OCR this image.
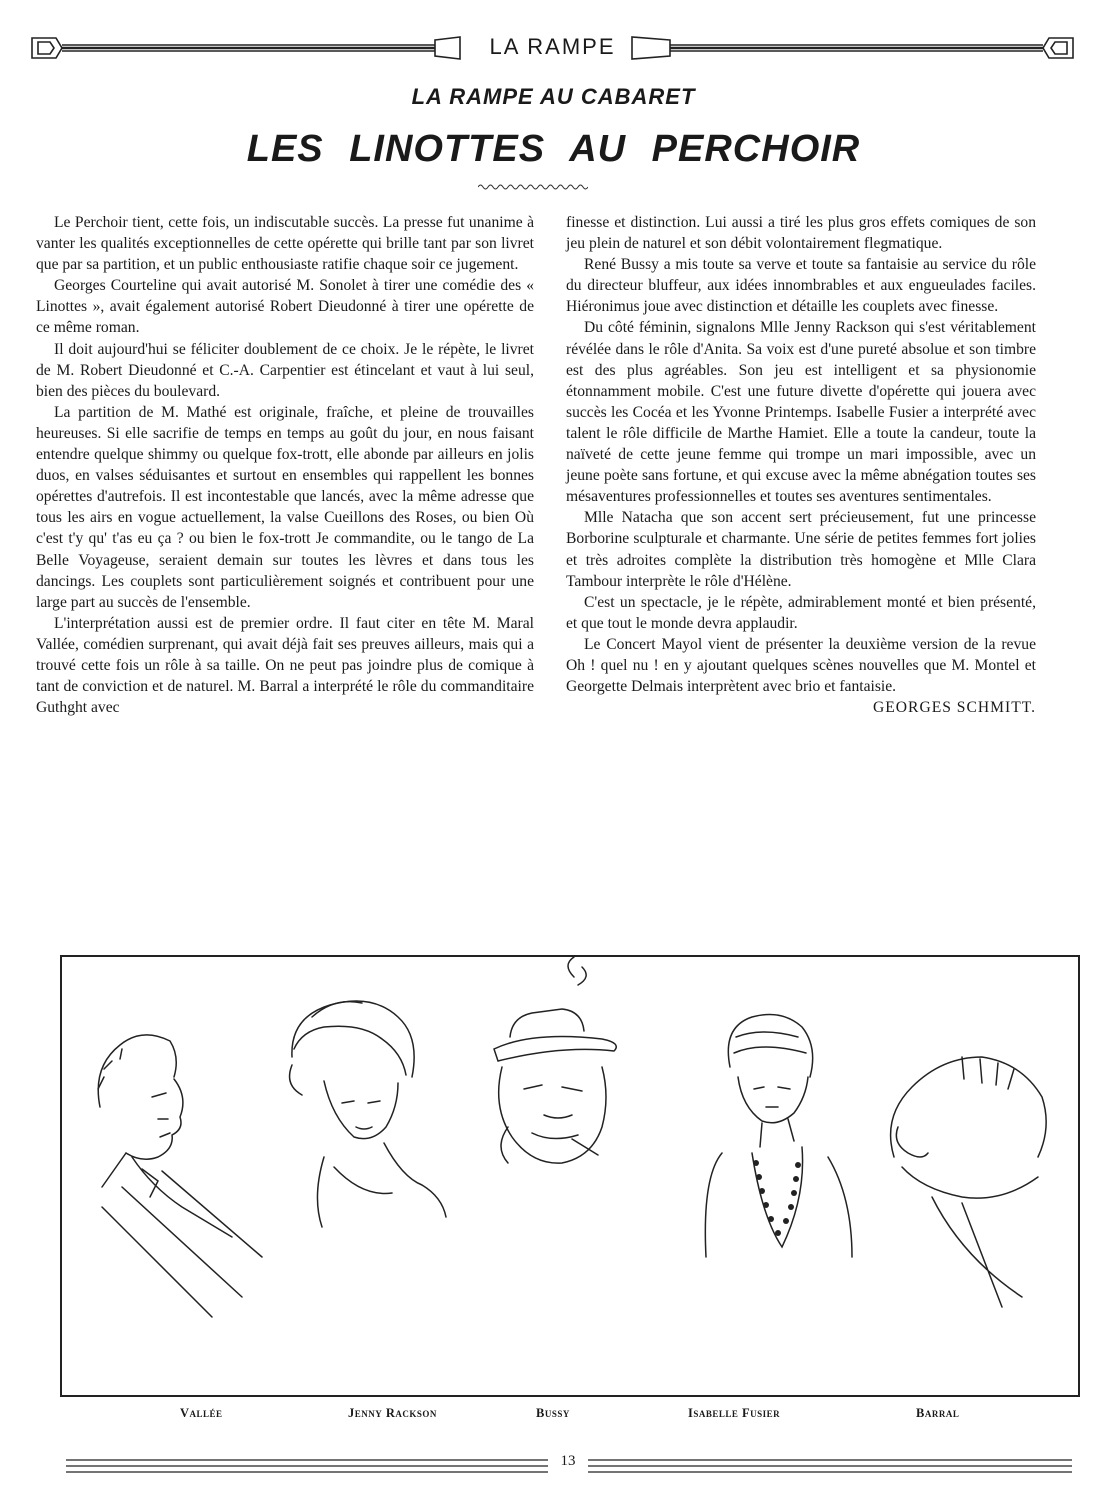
LA RAMPE
LA RAMPE AU CABARET
LES LINOTTES AU PERCHOIR

Le Perchoir tient, cette fois, un indiscutable succès. La presse fut unanime à vanter les qualités exceptionnelles de cette opérette qui brille tant par son livret que par sa partition, et un public enthousiaste ratifie chaque soir ce jugement.

Georges Courteline qui avait autorisé M. Sonolet à tirer une comédie des « Linottes », avait également autorisé Robert Dieudonné à tirer une opérette de ce même roman.

Il doit aujourd'hui se féliciter doublement de ce choix. Je le répète, le livret de M. Robert Dieudonné et C.-A. Carpentier est étincelant et vaut à lui seul, bien des pièces du boulevard.

La partition de M. Mathé est originale, fraîche, et pleine de trouvailles heureuses. Si elle sacrifie de temps en temps au goût du jour, en nous faisant entendre quelque shimmy ou quelque fox-trott, elle abonde par ailleurs en jolis duos, en valses séduisantes et surtout en ensembles qui rappellent les bonnes opérettes d'autrefois. Il est incontestable que lancés, avec la même adresse que tous les airs en vogue actuellement, la valse Cueillons des Roses, ou bien Où c'est t'y qu' t'as eu ça ? ou bien le fox-trott Je commandite, ou le tango de La Belle Voyageuse, seraient demain sur toutes les lèvres et dans tous les dancings. Les couplets sont particulièrement soignés et contribuent pour une large part au succès de l'ensemble.

L'interprétation aussi est de premier ordre. Il faut citer en tête M. Maral Vallée, comédien surprenant, qui avait déjà fait ses preuves ailleurs, mais qui a trouvé cette fois un rôle à sa taille. On ne peut pas joindre plus de comique à tant de conviction et de naturel. M. Barral a interprété le rôle du commanditaire Guthght avec

finesse et distinction. Lui aussi a tiré les plus gros effets comiques de son jeu plein de naturel et son débit volontairement flegmatique.

René Bussy a mis toute sa verve et toute sa fantaisie au service du rôle du directeur bluffeur, aux idées innombrables et aux engueulades faciles. Hiéronimus joue avec distinction et détaille les couplets avec finesse.

Du côté féminin, signalons Mlle Jenny Rackson qui s'est véritablement révélée dans le rôle d'Anita. Sa voix est d'une pureté absolue et son timbre est des plus agréables. Son jeu est intelligent et sa physionomie étonnamment mobile. C'est une future divette d'opérette qui jouera avec succès les Cocéa et les Yvonne Printemps. Isabelle Fusier a interprété avec talent le rôle difficile de Marthe Hamiet. Elle a toute la candeur, toute la naïveté de cette jeune femme qui trompe un mari impossible, avec un jeune poète sans fortune, et qui excuse avec la même abnégation toutes ses mésaventures professionnelles et toutes ses aventures sentimentales.

Mlle Natacha que son accent sert précieusement, fut une princesse Borborine sculpturale et charmante. Une série de petites femmes fort jolies et très adroites complète la distribution très homogène et Mlle Clara Tambour interprète le rôle d'Hélène.

C'est un spectacle, je le répète, admirablement monté et bien présenté, et que tout le monde devra applaudir.

Le Concert Mayol vient de présenter la deuxième version de la revue Oh ! quel nu ! en y ajoutant quelques scènes nouvelles que M. Montel et Georgette Delmais interprètent avec brio et fantaisie.

GEORGES SCHMITT.
Vallée	Jenny Rackson	Bussy	Isabelle Fusier	Barral
13
